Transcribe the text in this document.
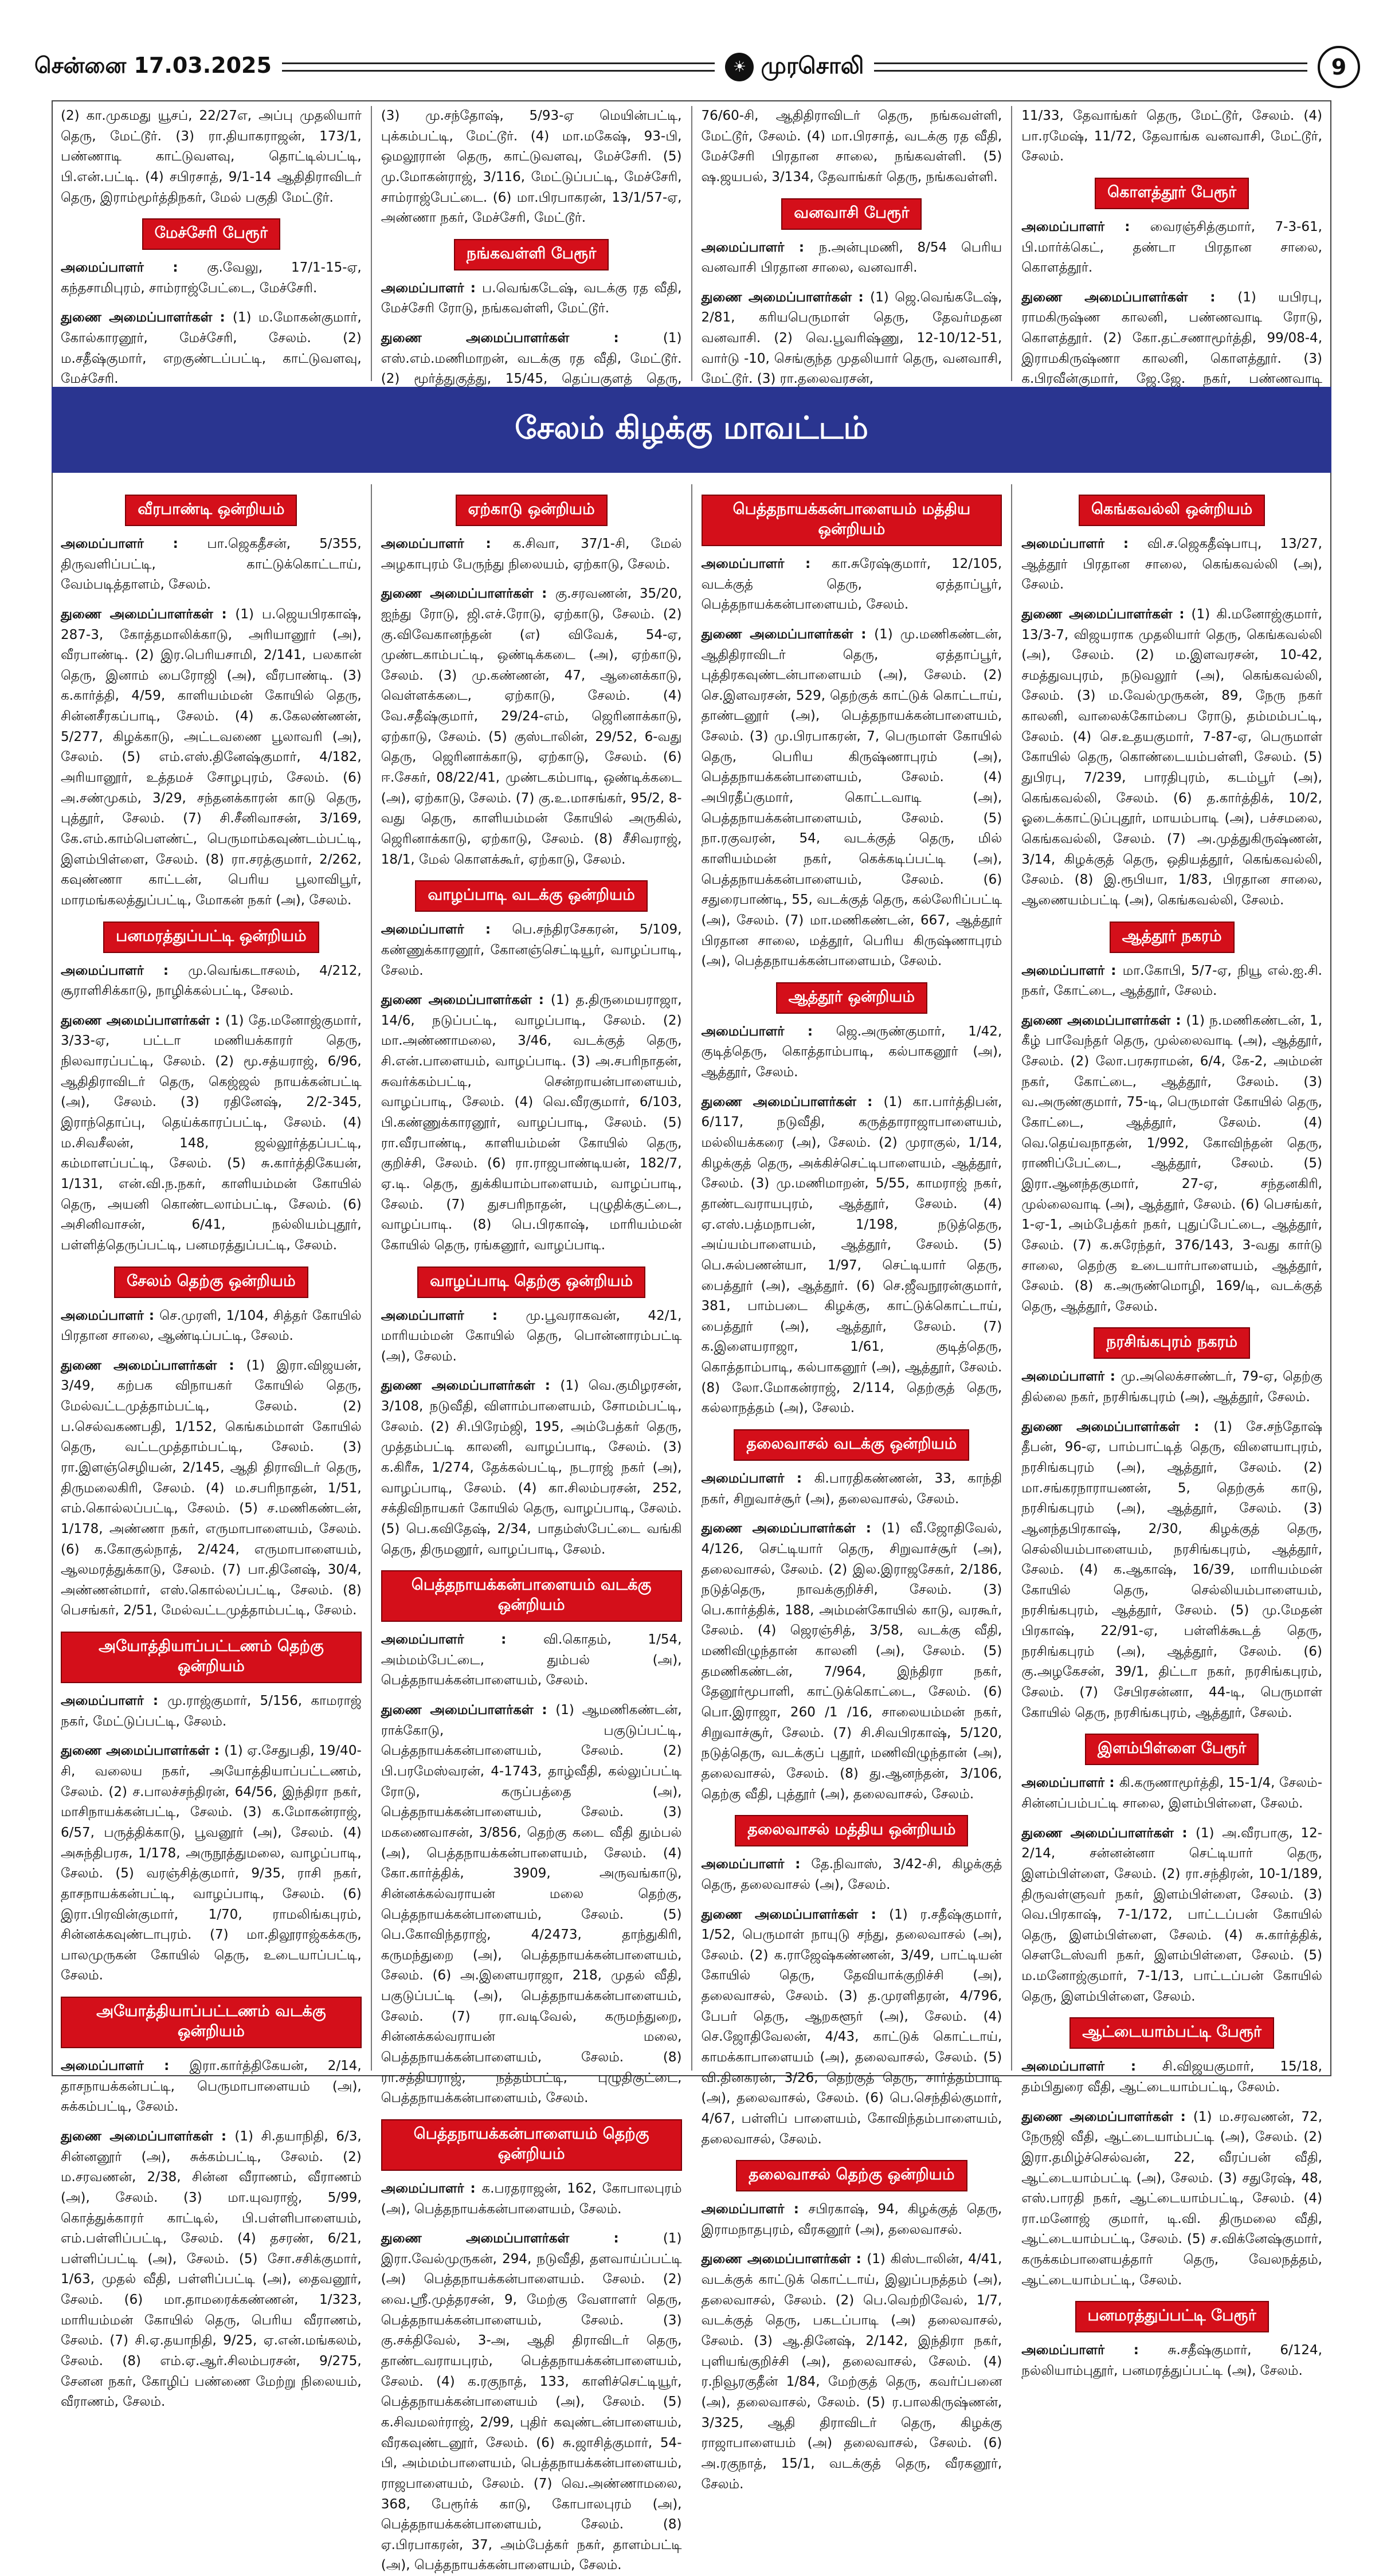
சென்னை 17.03.2025	☀ முரசொலி	9

(2) கா.முகமது யூசப், 22/27எ, அப்பு முதலியார் தெரு, மேட்டூர். (3) ரா.தியாகராஜன், 173/1, பண்ணாடி காட்டுவளவு, தொட்டில்பட்டி, பி.என்.பட்டி. (4) சபிரசாத், 9/1-14 ஆதிதிராவிடர் தெரு, இராம்மூர்த்திநகர், மேல் பகுதி மேட்டூர்.

மேச்சேரி பேரூர்

அமைப்பாளர் : கு.வேலு, 17/1-15-ஏ, கந்தசாமிபுரம், சாம்ராஜ்பேட்டை, மேச்சேரி.

துணை அமைப்பாளர்கள் : (1) ம.மோகன்குமார், கோல்காரனூர், மேச்சேரி, சேலம். (2) ம.சதீஷ்குமார், எறகுண்டப்பட்டி, காட்டுவளவு, மேச்சேரி.

(3) மு.சந்தோஷ், 5/93-ஏ மெயின்பட்டி, புக்கம்பட்டி, மேட்டூர். (4) மா.மகேஷ், 93-பி, ஒமலூரான் தெரு, காட்டுவளவு, மேச்சேரி. (5) மு.மோகன்ராஜ், 3/116, மேட்டுப்பட்டி, மேச்சேரி, சாம்ராஜ்பேட்டை. (6) மா.பிரபாகரன், 13/1/57-ஏ, அண்ணா நகர், மேச்சேரி, மேட்டூர்.

நங்கவள்ளி பேரூர்

அமைப்பாளர் : ப.வெங்கடேஷ், வடக்கு ரத வீதி, மேச்சேரி ரோடு, நங்கவள்ளி, மேட்டூர்.

துணை அமைப்பாளர்கள் : (1) எஸ்.எம்.மணிமாறன், வடக்கு ரத வீதி, மேட்டூர். (2) மூர்த்துகுத்து, 15/45, தெப்பகுளத் தெரு,

76/60-சி, ஆதிதிராவிடர் தெரு, நங்கவள்ளி, மேட்டூர், சேலம். (4) மா.பிரசாத், வடக்கு ரத வீதி, மேச்சேரி பிரதான சாலை, நங்கவள்ளி. (5) ஷ.ஜயபல், 3/134, தேவாங்கர் தெரு, நங்கவள்ளி.

வனவாசி பேரூர்

அமைப்பாளர் : ந.அன்புமணி, 8/54 பெரிய வனவாசி பிரதான சாலை, வனவாசி.

துணை அமைப்பாளர்கள் : (1) ஜெ.வெங்கடேஷ், 2/81, கரியபெருமாள் தெரு, தேவர்மதன வனவாசி. (2) வெ.பூவரிஷ்ணு, 12-10/12-51, வார்டு -10, செங்குந்த முதலியார் தெரு, வனவாசி, மேட்டூர். (3) ரா.தலைவரசன்,

11/33, தேவாங்கர் தெரு, மேட்டூர், சேலம். (4) பா.ரமேஷ், 11/72, தேவாங்க வனவாசி, மேட்டூர், சேலம்.

கொளத்தூர் பேரூர்

அமைப்பாளர் : வைரஞ்சித்குமார், 7-3-61, பி.மார்க்கெட், தண்டா பிரதான சாலை, கொளத்தூர்.

துணை அமைப்பாளர்கள் : (1) யபிரபு, ராமகிருஷ்ண காலனி, பண்ணவாடி ரோடு, கொளத்தூர். (2) கோ.தட்சணாமூர்த்தி, 99/08-4, இராமகிருஷ்ணா காலனி, கொளத்தூர். (3) க.பிரவீன்குமார், ஜே.ஜே. நகர், பண்ணவாடி

சேலம் கிழக்கு மாவட்டம்
வீரபாண்டி ஒன்றியம்

அமைப்பாளர் : பா.ஜெகதீசன், 5/355, திருவளிப்பட்டி, காட்டுக்கொட்டாய், வேம்படித்தாளம், சேலம்.

துணை அமைப்பாளர்கள் : (1) ப.ஜெயபிரகாஷ், 287-3, கோத்தமாலிக்காடு, அரியானூர் (அ), வீரபாண்டி. (2) இர.பெரியசாமி, 2/141, பலகான் தெரு, இனாம் பைரோஜி (அ), வீரபாண்டி. (3) க.கார்த்தி, 4/59, காளியம்மன் கோயில் தெரு, சின்னசீரகப்பாடி, சேலம். (4) க.கேலண்ணன், 5/277, கிழக்காடு, அட்டவணை பூலாவரி (அ), சேலம். (5) எம்.எஸ்.தினேஷ்குமார், 4/182, அரியானூர், உத்தமச் சோழபுரம், சேலம். (6) அ.சண்முகம், 3/29, சந்தனக்காரன் காடு தெரு, புத்தூர், சேலம். (7) சி.சீனிவாசன், 3/169, கே.எம்.காம்பௌண்ட், பெருமாம்கவுண்டம்பட்டி, இளம்பிள்ளை, சேலம். (8) ரா.சரத்குமார், 2/262, கவுண்ணா காட்டன், பெரிய பூலாவிபூர், மாரமங்கலத்துப்பட்டி, மோகன் நகர் (அ), சேலம்.

பனமரத்துப்பட்டி ஒன்றியம்

அமைப்பாளர் : மு.வெங்கடாசலம், 4/212, சூராளிசிக்காடு, நாழிக்கல்பட்டி, சேலம்.

துணை அமைப்பாளர்கள் : (1) தே.மனோஜ்குமார், 3/33-ஏ, பட்டா மணியக்காரர் தெரு, நிலவாரப்பட்டி, சேலம். (2) மூ.சத்யராஜ், 6/96, ஆதிதிராவிடர் தெரு, கெஜ்ஜல் நாயக்கன்பட்டி (அ), சேலம். (3) ரதினேஷ், 2/2-345, இராந்தொப்பு, தெய்க்காரப்பட்டி, சேலம். (4) ம.சிவசீலன், 148, ஜல்லூர்த்தப்பட்டி, கம்மாளப்பட்டி, சேலம். (5) சு.கார்த்திகேயன், 1/131, என்.வி.ந.நகர், காளியம்மன் கோயில் தெரு, அயனி கொண்டலாம்பட்டி, சேலம். (6) அசினிவாசன், 6/41, நல்லியம்புதூர், பள்ளித்தெருப்பட்டி, பனமரத்துப்பட்டி, சேலம்.

சேலம் தெற்கு ஒன்றியம்

அமைப்பாளர் : செ.முரளி, 1/104, சித்தர் கோயில் பிரதான சாலை, ஆண்டிப்பட்டி, சேலம்.

துணை அமைப்பாளர்கள் : (1) இரா.விஜயன், 3/49, கற்பக விநாயகர் கோயில் தெரு, மேல்வட்டமுத்தாம்பட்டி, சேலம். (2) ப.செல்வகணபதி, 1/152, கெங்கம்மாள் கோயில் தெரு, வட்டமுத்தாம்பட்டி, சேலம். (3) ரா.இளஞ்செழியன், 2/145, ஆதி திராவிடர் தெரு, திருமலைகிரி, சேலம். (4) ம.சபரிநாதன், 1/51, எம்.கொல்லப்பட்டி, சேலம். (5) ச.மணிகண்டன், 1/178, அண்ணா நகர், எருமாபாளையம், சேலம். (6) க.கோகுல்நாத், 2/424, எருமாபாளையம், ஆலமரத்துக்காடு, சேலம். (7) பா.தினேஷ், 30/4, அண்ணன்மார், எஸ்.கொல்லப்பட்டி, சேலம். (8) பெசங்கர், 2/51, மேல்வட்டமுத்தாம்பட்டி, சேலம்.

அயோத்தியாப்பட்டணம் தெற்கு ஒன்றியம்

அமைப்பாளர் : மு.ராஜ்குமார், 5/156, காமராஜ் நகர், மேட்டுப்பட்டி, சேலம்.

துணை அமைப்பாளர்கள் : (1) ஏ.சேதுபதி, 19/40-சி, வலைய நகர், அயோத்தியாப்பட்டணம், சேலம். (2) ச.பாலச்சந்திரன், 64/56, இந்திரா நகர், மாசிநாயக்கன்பட்டி, சேலம். (3) க.மோகன்ராஜ், 6/57, பருத்திக்காடு, பூவனூர் (அ), சேலம். (4) அசுந்திபரசு, 1/178, அருநூத்துமலை, வாழப்பாடி, சேலம். (5) வரஞ்சித்குமார், 9/35, ராசி நகர், தாசநாயக்கன்பட்டி, வாழப்பாடி, சேலம். (6) இரா.பிரவின்குமார், 1/70, ராமலிங்கபுரம், சின்னக்கவுண்டாபுரம். (7) மா.திலூராஜ்கக்கரு, பாலமுருகன் கோயில் தெரு, உடையாப்பட்டி, சேலம்.

அயோத்தியாப்பட்டணம் வடக்கு ஒன்றியம்

அமைப்பாளர் : இரா.கார்த்திகேயன், 2/14, தாசநாயக்கன்பட்டி, பெருமாபாளையம் (அ), சுக்கம்பட்டி, சேலம்.

துணை அமைப்பாளர்கள் : (1) சி.தயாநிதி, 6/3, சின்னனூர் (அ), சுக்கம்பட்டி, சேலம். (2) ம.சரவணன், 2/38, சின்ன வீராணம், வீராணம் (அ), சேலம். (3) மா.யுவராஜ், 5/99, கொத்துக்காரர் காட்டில், பி.பள்ளிபாளையம், எம்.பள்ளிப்பட்டி, சேலம். (4) தசரண், 6/21, பள்ளிப்பட்டி (அ), சேலம். (5) சோ.சசிக்குமார், 1/63, முதல் வீதி, பள்ளிப்பட்டி (அ), தைவனூர், சேலம். (6) மா.தாமரைக்கண்ணன், 1/323, மாரியம்மன் கோயில் தெரு, பெரிய வீராணம், சேலம். (7) சி.ஏ.தயாநிதி, 9/25, ஏ.என்.மங்கலம், சேலம். (8) எம்.ஏ.ஆர்.சிலம்பரசன், 9/275, சேனன நகர், கோழிப் பண்ணை மேற்று நிலையம், வீராணம், சேலம்.

ஏற்காடு ஒன்றியம்

அமைப்பாளர் : க.சிவா, 37/1-சி, மேல் அழகாபுரம் பேருந்து நிலையம், ஏற்காடு, சேலம்.

துணை அமைப்பாளர்கள் : கு.சரவணன், 35/20, ஐந்து ரோடு, ஜி.எச்.ரோடு, ஏற்காடு, சேலம். (2) கு.விவேகானந்தன் (எ) விவேக், 54-ஏ, முண்டகாம்பட்டி, ஒண்டிக்கடை (அ), ஏற்காடு, சேலம். (3) மு.கண்ணன், 47, ஆனைக்காடு, வெள்ளக்கடை, ஏற்காடு, சேலம். (4) வே.சதீஷ்குமார், 29/24-எம், ஜெரினாக்காடு, ஏற்காடு, சேலம். (5) குஸ்டாலின், 29/52, 6-வது தெரு, ஜெரினாக்காடு, ஏற்காடு, சேலம். (6) ஈ.சேகர், 08/22/41, முண்டகம்பாடி, ஒண்டிக்கடை (அ), ஏற்காடு, சேலம். (7) கு.உ.மாசங்கர், 95/2, 8-வது தெரு, காளியம்மன் கோயில் அருகில், ஜெரினாக்காடு, ஏற்காடு, சேலம். (8) சீசிவராஜ், 18/1, மேல் கொளக்கூர், ஏற்காடு, சேலம்.

வாழப்பாடி வடக்கு ஒன்றியம்

அமைப்பாளர் : பெ.சந்திரசேகரன், 5/109, கண்ணுக்காரனூர், கோனஞ்செட்டியூர், வாழப்பாடி, சேலம்.

துணை அமைப்பாளர்கள் : (1) த.திருமையராஜா, 14/6, நடுப்பட்டி, வாழப்பாடி, சேலம். (2) மா.அண்ணாமலை, 3/46, வடக்குத் தெரு, சி.என்.பாளையம், வாழப்பாடி. (3) அ.சபரிநாதன், சுவர்க்கம்பட்டி, சென்றாயன்பாளையம், வாழப்பாடி, சேலம். (4) வெ.வீரகுமார், 6/103, பி.கண்ணுக்காரனூர், வாழப்பாடி, சேலம். (5) ரா.வீரபாண்டி, காளியம்மன் கோயில் தெரு, குறிச்சி, சேலம். (6) ரா.ராஜபாண்டியன், 182/7, ஏ.டி. தெரு, துக்கியாம்பாளையம், வாழப்பாடி, சேலம். (7) துசபரிநாதன், புழுதிக்குட்டை, வாழப்பாடி. (8) பெ.பிரகாஷ், மாரியம்மன் கோயில் தெரு, ரங்கனூர், வாழப்பாடி.

வாழப்பாடி தெற்கு ஒன்றியம்

அமைப்பாளர் : மு.பூவராகவன், 42/1, மாரியம்மன் கோயில் தெரு, பொன்னாரம்பட்டி (அ), சேலம்.

துணை அமைப்பாளர்கள் : (1) வெ.குமிழரசன், 3/108, நடுவீதி, விளாம்பாளையம், சோமம்பட்டி, சேலம். (2) சி.பிரேம்ஜி, 195, அம்பேத்கர் தெரு, முத்தம்பட்டி காலனி, வாழப்பாடி, சேலம். (3) க.கிரீசு, 1/274, தேக்கல்பட்டி, நடராஜ் நகர் (அ), வாழப்பாடி, சேலம். (4) கா.சிலம்பரசன், 252, சக்திவிநாயகர் கோயில் தெரு, வாழப்பாடி, சேலம். (5) பெ.கவிதேஷ், 2/34, பாதம்ஸ்பேட்டை வங்கி தெரு, திருமனூர், வாழப்பாடி, சேலம்.

பெத்தநாயக்கன்பாளையம் வடக்கு ஒன்றியம்

அமைப்பாளர் : வி.கொதம், 1/54, அம்மம்பேட்டை, தும்பல் (அ), பெத்தநாயக்கன்பாளையம், சேலம்.

துணை அமைப்பாளர்கள் : (1) ஆமணிகண்டன், ராக்கோடு, பகுடுப்பட்டி, பெத்தநாயக்கன்பாளையம், சேலம். (2) பி.பரமேஸ்வரன், 4-1743, தாழ்வீதி, கல்லுப்பட்டி ரோடு, கருப்பத்தை (அ), பெத்தநாயக்கன்பாளையம், சேலம். (3) மகணைவாசன், 3/856, தெற்கு கடை வீதி தும்பல் (அ), பெத்தநாயக்கன்பாளையம், சேலம். (4) கோ.கார்த்திக், 3909, அருவங்காடு, சின்னக்கல்வராயன் மலை தெற்கு, பெத்தநாயக்கன்பாளையம், சேலம். (5) பெ.கோவிந்தராஜ், 4/2473, தாந்துகிரி, கருமந்துறை (அ), பெத்தநாயக்கன்பாளையம், சேலம். (6) அ.இளையராஜா, 218, முதல் வீதி, பகுடுப்பட்டி (அ), பெத்தநாயக்கன்பாளையம், சேலம். (7) ரா.வடிவேல், கருமந்துறை, சின்னக்கல்வராயன் மலை, பெத்தநாயக்கன்பாளையம், சேலம். (8) ரா.சத்தியராஜ், நத்தம்பட்டி, புழுதிகுட்டை, பெத்தநாயக்கன்பாளையம், சேலம்.

பெத்தநாயக்கன்பாளையம் தெற்கு ஒன்றியம்

அமைப்பாளர் : க.பரதராஜன், 162, கோபாலபுரம் (அ), பெத்தநாயக்கன்பாளையம், சேலம்.

துணை அமைப்பாளர்கள் : (1) இரா.வேல்முருகன், 294, நடுவீதி, தளவாய்ப்பட்டி (அ) பெத்தநாயக்கன்பாளையம். சேலம். (2) வை.ஸ்ரீ.முத்தரசன், 9, மேற்கு வேளாளர் தெரு, பெத்தநாயக்கன்பாளையம், சேலம். (3) கு.சக்திவேல், 3-அ, ஆதி திராவிடர் தெரு, தாண்டவராயபுரம், பெத்தநாயக்கன்பாளையம், சேலம். (4) க.ரகுநாத், 133, காளிச்செட்டியூர், பெத்தநாயக்கன்பாளையம் (அ), சேலம். (5) க.சிவமலர்ராஜ், 2/99, புதிர் கவுண்டன்பாளையம், வீரகவுண்டனூர், சேலம். (6) சு.ஜாசித்குமார், 54-பி, அம்மம்பாளையம், பெத்தநாயக்கன்பாளையம், ராஜபாளையம், சேலம். (7) வெ.அண்ணாமலை, 368, பேரூர்க் காடு, கோபாலபுரம் (அ), பெத்தநாயக்கன்பாளையம், சேலம். (8) ஏ.பிரபாகரன், 37, அம்பேத்கர் நகர், தாளம்பட்டி (அ), பெத்தநாயக்கன்பாளையம், சேலம்.

பெத்தநாயக்கன்பாளையம் மத்திய ஒன்றியம்

அமைப்பாளர் : கா.சுரேஷ்குமார், 12/105, வடக்குத் தெரு, ஏத்தாப்பூர், பெத்தநாயக்கன்பாளையம், சேலம்.

துணை அமைப்பாளர்கள் : (1) மு.மணிகண்டன், ஆதிதிராவிடர் தெரு, ஏத்தாப்பூர், புத்திரகவுண்டன்பாளையம் (அ), சேலம். (2) செ.இளவரசன், 529, தெற்குக் காட்டுக் கொட்டாய், தாண்டனூர் (அ), பெத்தநாயக்கன்பாளையம், சேலம். (3) மு.பிரபாகரன், 7, பெருமாள் கோயில் தெரு, பெரிய கிருஷ்ணாபுரம் (அ), பெத்தநாயக்கன்பாளையம், சேலம். (4) அபிரதீப்குமார், கொட்டவாடி (அ), பெத்தநாயக்கன்பாளையம், சேலம். (5) நா.ரகுவரன், 54, வடக்குத் தெரு, மில் காளியம்மன் நகர், கெக்கடிப்பட்டி (அ), பெத்தநாயக்கன்பாளையம், சேலம். (6) சதுரைபாண்டி, 55, வடக்குத் தெரு, கல்லேரிப்பட்டி (அ), சேலம். (7) மா.மணிகண்டன், 667, ஆத்தூர் பிரதான சாலை, மத்தூர், பெரிய கிருஷ்ணாபுரம் (அ), பெத்தநாயக்கன்பாளையம், சேலம்.

ஆத்தூர் ஒன்றியம்

அமைப்பாளர் : ஜெ.அருண்குமார், 1/42, குடித்தெரு, கொத்தாம்பாடி, கல்பாகனூர் (அ), ஆத்தூர், சேலம்.

துணை அமைப்பாளர்கள் : (1) கா.பார்த்திபன், 6/117, நடுவீதி, கருத்தாராஜாபாளையம், மல்லியக்கரை (அ), சேலம். (2) முராகுல், 1/14, கிழக்குத் தெரு, அக்கிச்செட்டிபாளையம், ஆத்தூர், சேலம். (3) மு.மணிமாறன், 5/55, காமராஜ் நகர், தாண்டவராயபுரம், ஆத்தூர், சேலம். (4) ஏ.எஸ்.பத்மநாபன், 1/198, நடுத்தெரு, அய்யம்பாளையம், ஆத்தூர், சேலம். (5) பெ.சுல்பணன்யா, 1/97, செட்டியார் தெரு, பைத்தூர் (அ), ஆத்தூர். (6) செ.ஜீவநூரன்குமார், 381, பாம்படை கிழக்கு, காட்டுக்கொட்டாய், பைத்தூர் (அ), ஆத்தூர், சேலம். (7) க.இளையராஜா, 1/61, குடித்தெரு, கொத்தாம்பாடி, கல்பாகனூர் (அ), ஆத்தூர், சேலம். (8) லோ.மோகன்ராஜ், 2/114, தெற்குத் தெரு, கல்லாநத்தம் (அ), சேலம்.

தலைவாசல் வடக்கு ஒன்றியம்

அமைப்பாளர் : கி.பாரதிகண்ணன், 33, காந்தி நகர், சிறுவாச்சூர் (அ), தலைவாசல், சேலம்.

துணை அமைப்பாளர்கள் : (1) வீ.ஜோதிவேல், 4/126, செட்டியார் தெரு, சிறுவாச்சூர் (அ), தலைவாசல், சேலம். (2) இல.இராஜசேகர், 2/186, நடுத்தெரு, நாவக்குறிச்சி, சேலம். (3) பெ.கார்த்திக், 188, அம்மன்கோயில் காடு, வரகூர், சேலம். (4) ஜெரஞ்சித், 3/58, வடக்கு வீதி, மணிவிழுந்தான் காலனி (அ), சேலம். (5) தமணிகண்டன், 7/964, இந்திரா நகர், தேனூர்மூபாளி, காட்டுக்கொட்டை, சேலம். (6) பொ.இராஜா, 260 /1 /16, சாலையம்மன் நகர், சிறுவாச்சூர், சேலம். (7) சி.சிவபிரகாஷ், 5/120, நடுத்தெரு, வடக்குப் புதூர், மணிவிழுந்தான் (அ), தலைவாசல், சேலம். (8) து.ஆனந்தன், 3/106, தெற்கு வீதி, புத்தூர் (அ), தலைவாசல், சேலம்.

தலைவாசல் மத்திய ஒன்றியம்

அமைப்பாளர் : தே.நிவாஸ், 3/42-சி, கிழக்குத் தெரு, தலைவாசல் (அ), சேலம்.

துணை அமைப்பாளர்கள் : (1) ர.சதீஷ்குமார், 1/52, பெருமாள் நாயுடு சந்து, தலைவாசல் (அ), சேலம். (2) க.ராஜேஷ்கண்ணன், 3/49, பாட்டியன் கோயில் தெரு, தேவியாக்குறிச்சி (அ), தலைவாசல், சேலம். (3) த.முரளிதரன், 4/796, பேபர் தெரு, ஆறகளூர் (அ), சேலம். (4) செ.ஜோதிவேலன், 4/43, காட்டுக் கொட்டாய், காமக்காபாளையம் (அ), தலைவாசல், சேலம். (5) வி.தினகரன், 3/26, தெற்குத் தெரு, சார்த்தம்பாடி (அ), தலைவாசல், சேலம். (6) பெ.செந்தில்குமார், 4/67, பள்ளிப் பாளையம், கோவிந்தம்பாளையம், தலைவாசல், சேலம்.

தலைவாசல் தெற்கு ஒன்றியம்

அமைப்பாளர் : சபிரகாஷ், 94, கிழக்குத் தெரு, இராமநாதபுரம், வீரகனூர் (அ), தலைவாசல்.

துணை அமைப்பாளர்கள் : (1) கிஸ்டாலின், 4/41, வடக்குக் காட்டுக் கொட்டாய், இலுப்பநத்தம் (அ), தலைவாசல், சேலம். (2) பெ.வெற்றிவேல், 1/7, வடக்குத் தெரு, பகடப்பாடி (அ) தலைவாசல், சேலம். (3) ஆ.தினேஷ், 2/142, இந்திரா நகர், புளியங்குறிச்சி (அ), தலைவாசல், சேலம். (4) ர.நிவூரகுதீன் 1/84, மேற்குத் தெரு, கவர்ப்பனை (அ), தலைவாசல், சேலம். (5) ர.பாலகிருஷ்ணன், 3/325, ஆதி திராவிடர் தெரு, கிழக்கு ராஜாபாளையம் (அ) தலைவாசல், சேலம். (6) அ.ரகுநாத், 15/1, வடக்குத் தெரு, வீரகனூர், சேலம்.

கெங்கவல்லி ஒன்றியம்

அமைப்பாளர் : வி.ச.ஜெகதீஷ்பாபு, 13/27, ஆத்தூர் பிரதான சாலை, கெங்கவல்லி (அ), சேலம்.

துணை அமைப்பாளர்கள் : (1) கி.மனோஜ்குமார், 13/3-7, விஜயராக முதலியார் தெரு, கெங்கவல்லி (அ), சேலம். (2) ம.இளவரசன், 10-42, சமத்துவபுரம், நடுவலூர் (அ), கெங்கவல்லி, சேலம். (3) ம.வேல்முருகன், 89, நேரு நகர் காலனி, வாலைக்கோம்பை ரோடு, தம்மம்பட்டி, சேலம். (4) செ.உதயகுமார், 7-87-ஏ, பெருமாள் கோயில் தெரு, கொண்டையம்பள்ளி, சேலம். (5) துபிரபு, 7/239, பாரதிபுரம், கடம்பூர் (அ), கெங்கவல்லி, சேலம். (6) த.கார்த்திக், 10/2, ஓடைக்காட்டுப்புதூர், மாயம்பாடி (அ), பச்சமலை, கெங்கவல்லி, சேலம். (7) அ.முத்துகிருஷ்ணன், 3/14, கிழக்குத் தெரு, ஒதியத்தூர், கெங்கவல்லி, சேலம். (8) இ.ரூபியா, 1/83, பிரதான சாலை, ஆணையம்பட்டி (அ), கெங்கவல்லி, சேலம்.

ஆத்தூர் நகரம்

அமைப்பாளர் : மா.கோபி, 5/7-ஏ, நியூ எல்.ஐ.சி. நகர், கோட்டை, ஆத்தூர், சேலம்.

துணை அமைப்பாளர்கள் : (1) ந.மணிகண்டன், 1, கீழ் பாவேந்தர் தெரு, முல்லைவாடி (அ), ஆத்தூர், சேலம். (2) லோ.பரசுராமன், 6/4, கே-2, அம்மன் நகர், கோட்டை, ஆத்தூர், சேலம். (3) வ.அருண்குமார், 75-டி, பெருமாள் கோயில் தெரு, கோட்டை, ஆத்தூர், சேலம். (4) வெ.தெய்வநாதன், 1/992, கோவிந்தன் தெரு, ராணிப்பேட்டை, ஆத்தூர், சேலம். (5) இரா.ஆனந்தகுமார், 27-ஏ, சந்தனகிரி, முல்லைவாடி (அ), ஆத்தூர், சேலம். (6) பெசங்கர், 1-ஏ-1, அம்பேத்கர் நகர், புதுப்பேட்டை, ஆத்தூர், சேலம். (7) க.சுரேந்தர், 376/143, 3-வது கார்டு சாலை, தெற்கு உடையார்பாளையம், ஆத்தூர், சேலம். (8) க.அருண்மொழி, 169/டி, வடக்குத் தெரு, ஆத்தூர், சேலம்.

நரசிங்கபுரம் நகரம்

அமைப்பாளர் : மு.அலெக்சாண்டர், 79-ஏ, தெற்கு தில்லை நகர், நரசிங்கபுரம் (அ), ஆத்தூர், சேலம்.

துணை அமைப்பாளர்கள் : (1) சே.சந்தோஷ் தீபன், 96-ஏ, பாம்பாட்டித் தெரு, விளையாபுரம், நரசிங்கபுரம் (அ), ஆத்தூர், சேலம். (2) மா.சங்கரநாராயணன், 5, தெற்குக் காடு, நரசிங்கபுரம் (அ), ஆத்தூர், சேலம். (3) ஆனந்தபிரகாஷ், 2/30, கிழக்குத் தெரு, செல்லியம்பாளையம், நரசிங்கபுரம், ஆத்தூர், சேலம். (4) க.ஆகாஷ், 16/39, மாரியம்மன் கோயில் தெரு, செல்லியம்பாளையம், நரசிங்கபுரம், ஆத்தூர், சேலம். (5) மு.மேதன் பிரகாஷ், 22/91-ஏ, பள்ளிக்கூடத் தெரு, நரசிங்கபுரம் (அ), ஆத்தூர், சேலம். (6) கு.அழகேசன், 39/1, திட்டா நகர், நரசிங்கபுரம், சேலம். (7) சேபிரசன்னா, 44-டி, பெருமாள் கோயில் தெரு, நரசிங்கபுரம், ஆத்தூர், சேலம்.

இளம்பிள்ளை பேரூர்

அமைப்பாளர் : கி.கருணாமூர்த்தி, 15-1/4, சேலம்-சின்னப்பம்பட்டி சாலை, இளம்பிள்ளை, சேலம்.

துணை அமைப்பாளர்கள் : (1) அ.வீரபாகு, 12-2/14, சன்னன்னா செட்டியார் தெரு, இளம்பிள்ளை, சேலம். (2) ரா.சந்திரன், 10-1/189, திருவள்ளுவர் நகர், இளம்பிள்ளை, சேலம். (3) வெ.பிரகாஷ், 7-1/172, பாட்டப்பன் கோயில் தெரு, இளம்பிள்ளை, சேலம். (4) சு.கார்த்திக், சௌடேஸ்வரி நகர், இளம்பிள்ளை, சேலம். (5) ம.மனோஜ்குமார், 7-1/13, பாட்டப்பன் கோயில் தெரு, இளம்பிள்ளை, சேலம்.

ஆட்டையாம்பட்டி பேரூர்

அமைப்பாளர் : சி.விஜயகுமார், 15/18, தம்பிதுரை வீதி, ஆட்டையாம்பட்டி, சேலம்.

துணை அமைப்பாளர்கள் : (1) ம.சரவணன், 72, நேருஜி வீதி, ஆட்டையாம்பட்டி (அ), சேலம். (2) இரா.தமிழ்ச்செல்வன், 22, வீரப்பன் வீதி, ஆட்டையாம்பட்டி (அ), சேலம். (3) சதுரேஷ், 48, எஸ்.பாரதி நகர், ஆட்டையாம்பட்டி, சேலம். (4) ரா.மனோஜ் குமார், டி.வி. திருமலை வீதி, ஆட்டையாம்பட்டி, சேலம். (5) ச.விக்னேஷ்குமார், கருக்கம்பாளையத்தார் தெரு, வேலநத்தம், ஆட்டையாம்பட்டி, சேலம்.

பனமரத்துப்பட்டி பேரூர்

அமைப்பாளர் : சு.சதீஷ்குமார், 6/124, நல்லியாம்புதூர், பனமரத்துப்பட்டி (அ), சேலம்.
